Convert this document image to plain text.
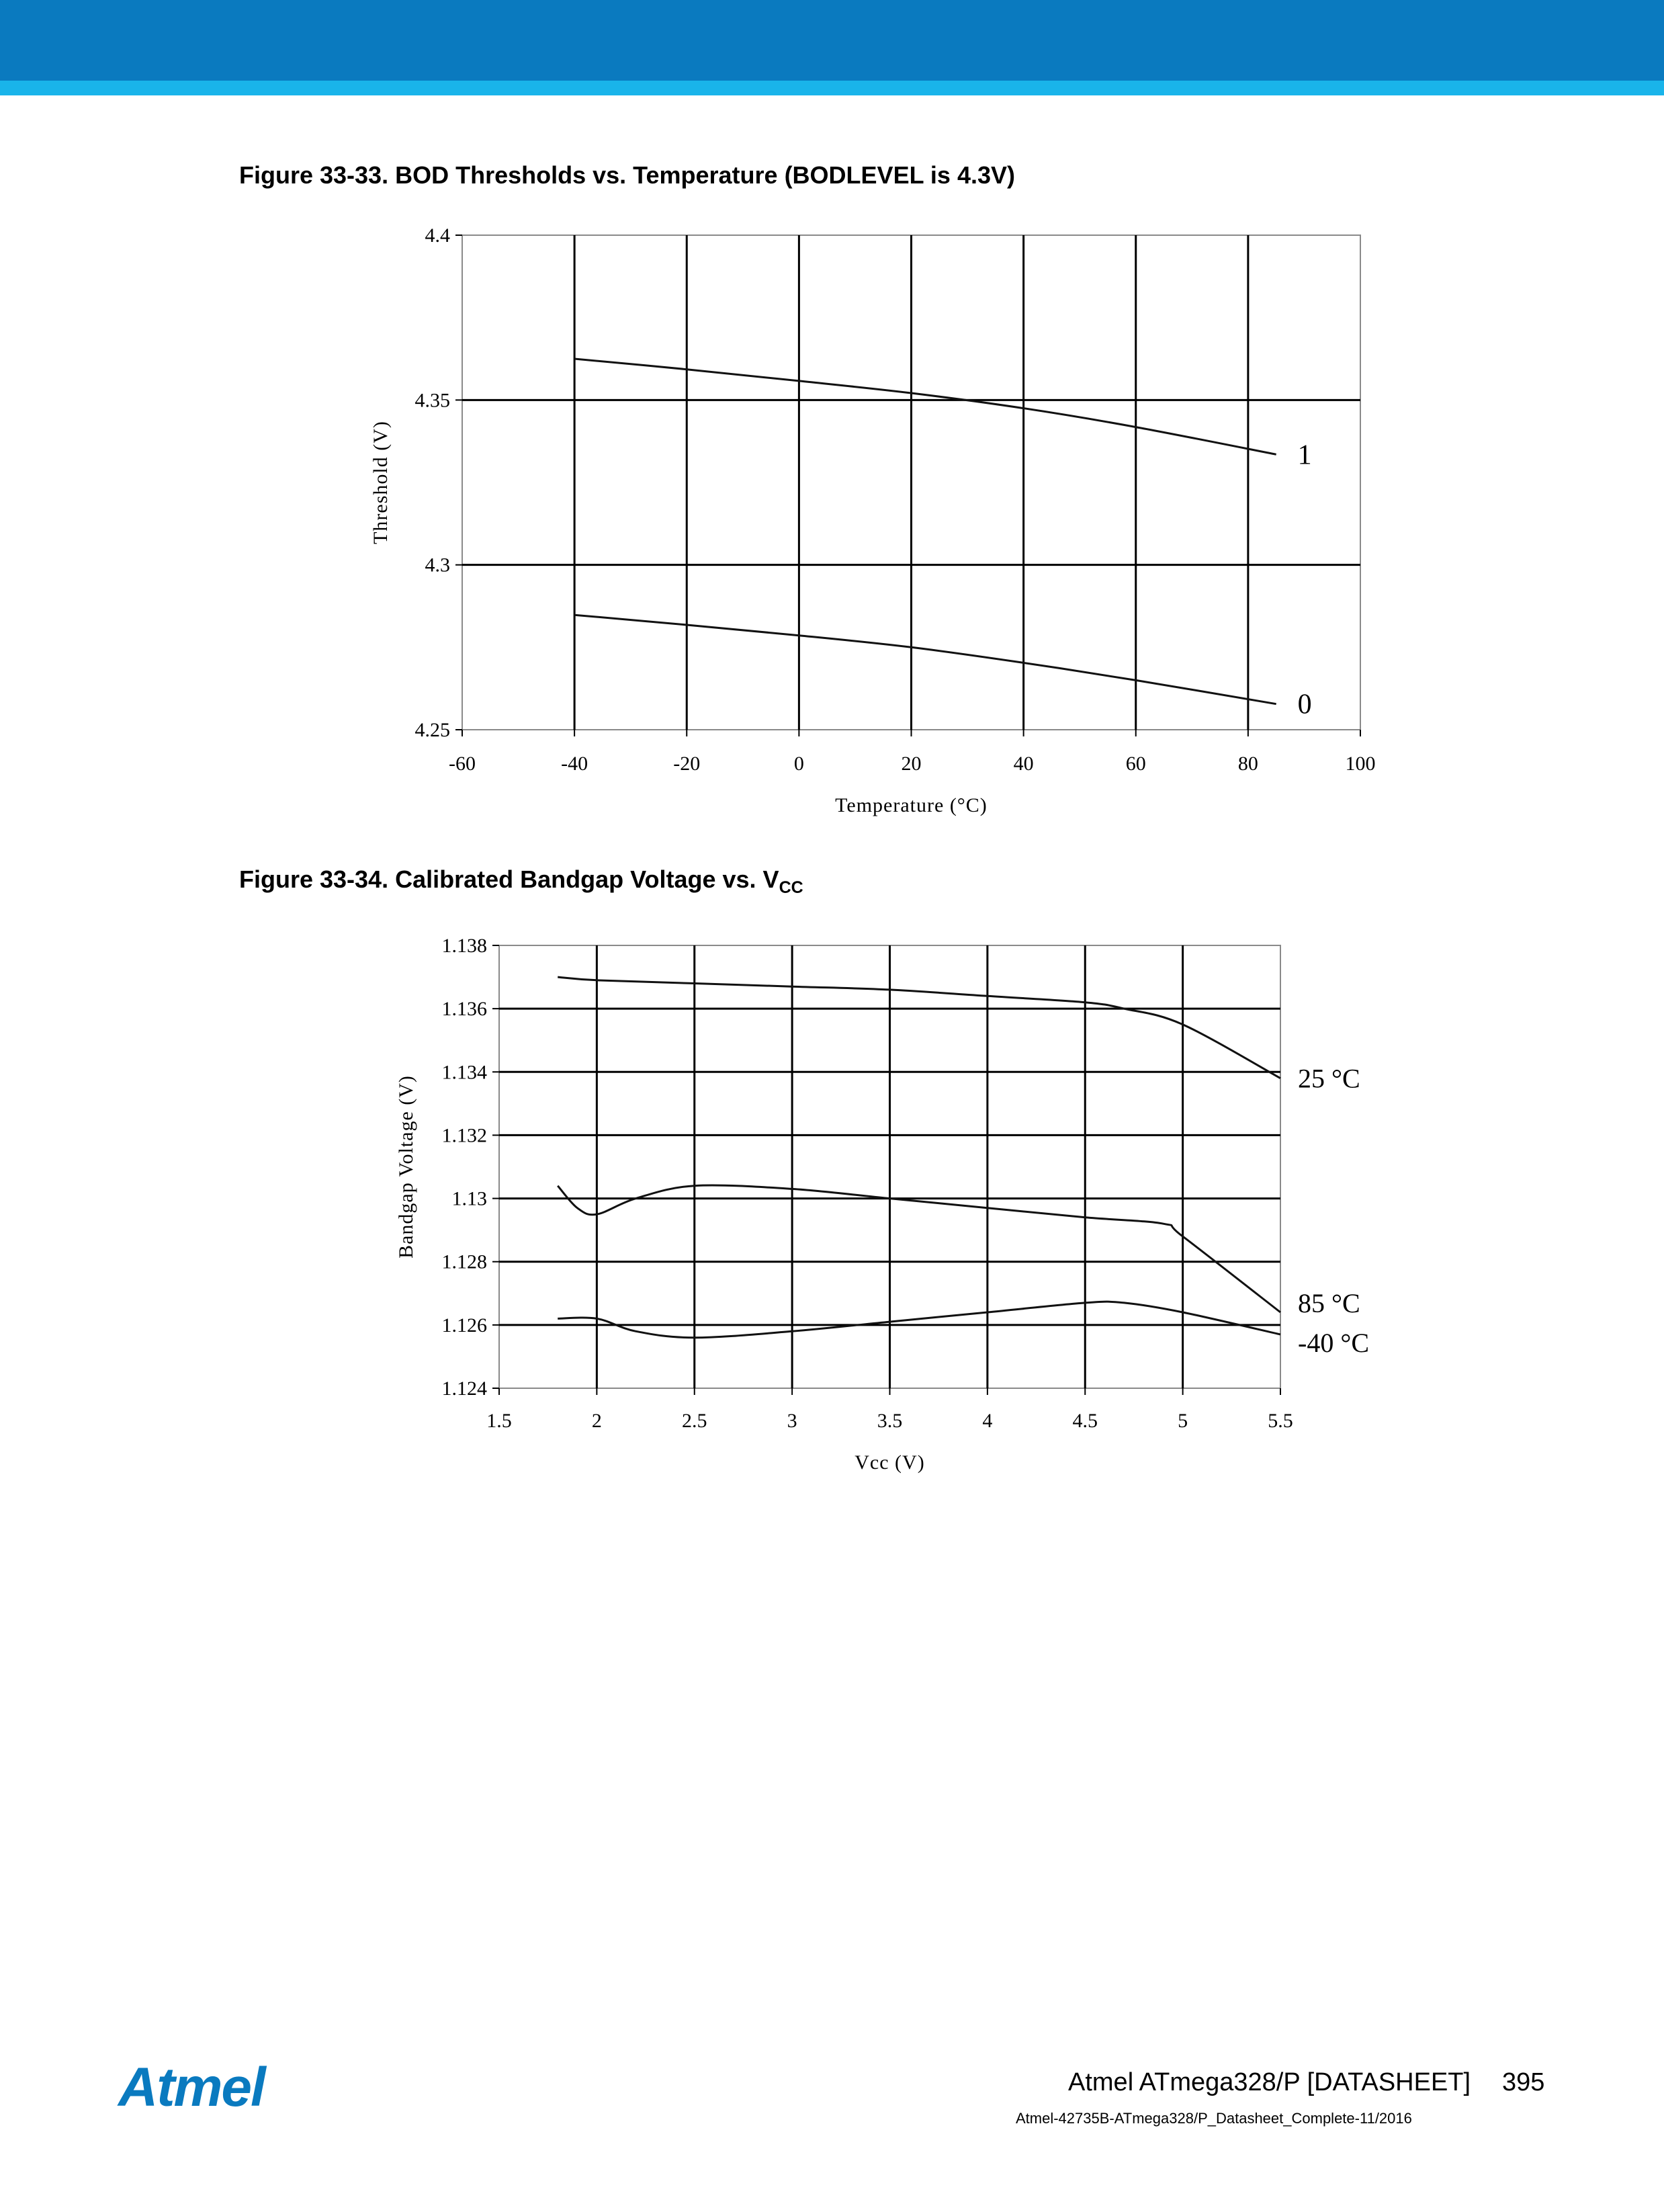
Figure 33-33. BOD Thresholds vs. Temperature (BODLEVEL is 4.3V)
-60	-40	-20	0	20	40	60	80	100
4.25
4.3
4.35
4.4
Temperature (°C)
Threshold (V)	1
0
Figure 33-34. Calibrated Bandgap Voltage vs. $V_{CC}$
1.5	2	2.5	3	3.5	4	4.5	5	5.5
1.124
1.126
1.128
1.13
1.132
1.134
1.136
1.138
Vcc (V)
Bandgap Voltage (V)	25 °C
85 °C
-40 °C
Atmel	Atmel ATmega328/P [DATASHEET] 395
Atmel-42735B-ATmega328/P_Datasheet_Complete-11/2016
